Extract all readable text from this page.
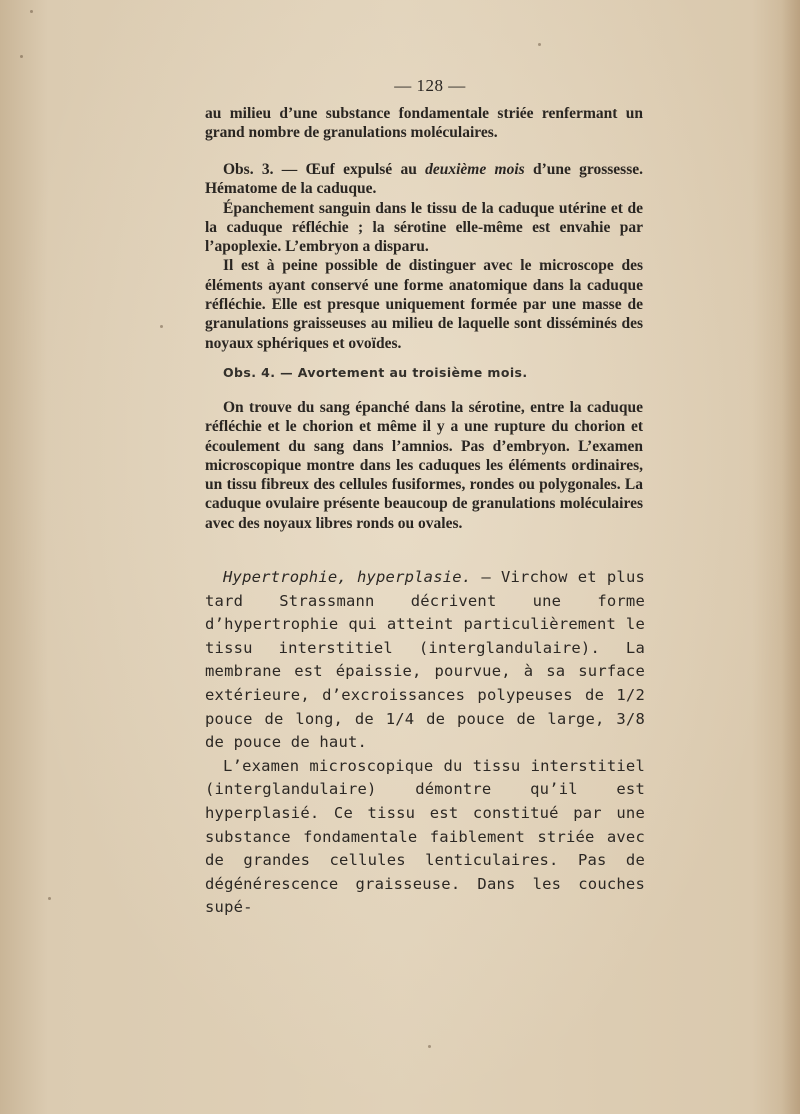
— 128 —

au milieu d’une substance fondamentale striée renfermant un grand nombre de granulations moléculaires.

Obs. 3. — Œuf expulsé au deuxième mois d’une grossesse. Hématome de la caduque.

Épanchement sanguin dans le tissu de la caduque utérine et de la caduque réfléchie ; la sérotine elle-même est envahie par l’apoplexie. L’embryon a disparu.

Il est à peine possible de distinguer avec le microscope des éléments ayant conservé une forme anatomique dans la caduque réfléchie. Elle est presque uniquement formée par une masse de granulations graisseuses au milieu de laquelle sont disséminés des noyaux sphériques et ovoïdes.

Obs. 4. — Avortement au troisième mois.

On trouve du sang épanché dans la sérotine, entre la caduque réfléchie et le chorion et même il y a une rupture du chorion et écoulement du sang dans l’amnios. Pas d’embryon. L’examen microscopique montre dans les caduques les éléments ordinaires, un tissu fibreux des cellules fusiformes, rondes ou polygonales. La caduque ovulaire présente beaucoup de granulations moléculaires avec des noyaux libres ronds ou ovales.

Hypertrophie, hyperplasie. — Virchow et plus tard Strassmann décrivent une forme d’hypertrophie qui atteint particulièrement le tissu interstitiel (interglandulaire). La membrane est épaissie, pourvue, à sa surface extérieure, d’excroissances polypeuses de 1/2 pouce de long, de 1/4 de pouce de large, 3/8 de pouce de haut.

L’examen microscopique du tissu interstitiel (interglandulaire) démontre qu’il est hyperplasié. Ce tissu est constitué par une substance fondamentale faiblement striée avec de grandes cellules lenticulaires. Pas de dégénérescence graisseuse. Dans les couches supé-
